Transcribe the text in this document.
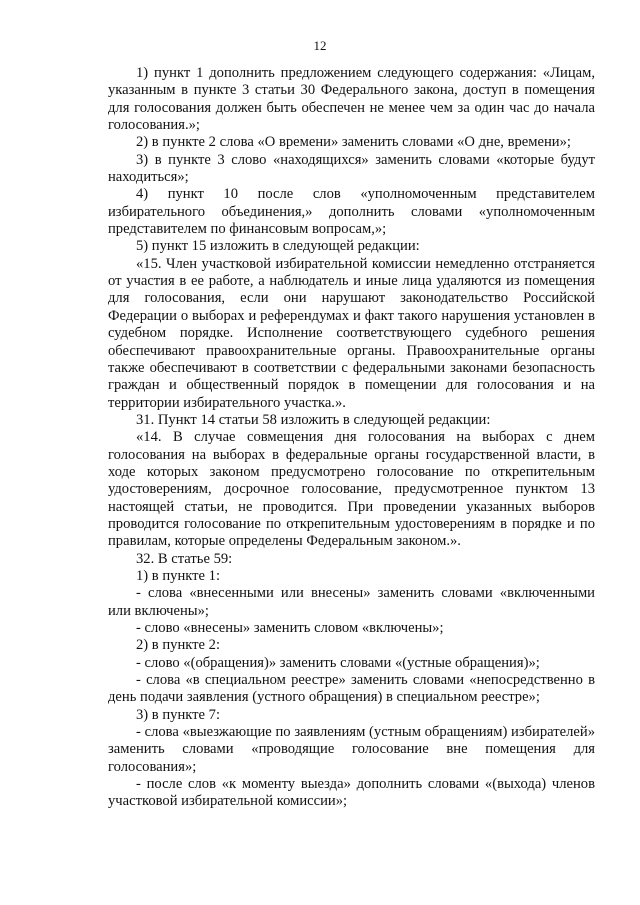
12

1) пункт 1 дополнить предложением следующего содержания: «Лицам, указанным в пункте 3 статьи 30 Федерального закона, доступ в помещения для голосования должен быть обеспечен не менее чем за один час до начала голосования.»;

2) в пункте 2 слова «О времени» заменить словами «О дне, времени»;

3) в пункте 3 слово «находящихся» заменить словами «которые будут находиться»;

4) пункт 10 после слов «уполномоченным представителем избирательного объединения,» дополнить словами «уполномоченным представителем по финансовым вопросам,»;

5) пункт 15 изложить в следующей редакции:

«15. Член участковой избирательной комиссии немедленно отстраняется от участия в ее работе, а наблюдатель и иные лица удаляются из помещения для голосования, если они нарушают законодательство Российской Федерации о выборах и референдумах и факт такого нарушения установлен в судебном порядке. Исполнение соответствующего судебного решения обеспечивают правоохранительные органы. Правоохранительные органы также обеспечивают в соответствии с федеральными законами безопасность граждан и общественный порядок в помещении для голосования и на территории избирательного участка.».

31. Пункт 14 статьи 58 изложить в следующей редакции:

«14. В случае совмещения дня голосования на выборах с днем голосования на выборах в федеральные органы государственной власти, в ходе которых законом предусмотрено голосование по открепительным удостоверениям, досрочное голосование, предусмотренное пунктом 13 настоящей статьи, не проводится. При проведении указанных выборов проводится голосование по открепительным удостоверениям в порядке и по правилам, которые определены Федеральным законом.».

32. В статье 59:

1) в пункте 1:

- слова «внесенными или внесены» заменить словами «включенными или включены»;

- слово «внесены» заменить словом «включены»;

2) в пункте 2:

- слово «(обращения)» заменить словами «(устные обращения)»;

- слова «в специальном реестре» заменить словами «непосредственно в день подачи заявления (устного обращения) в специальном реестре»;

3) в пункте 7:

- слова «выезжающие по заявлениям (устным обращениям) избирателей» заменить словами «проводящие голосование вне помещения для голосования»;

- после слов «к моменту выезда» дополнить словами «(выхода) членов участковой избирательной комиссии»;
